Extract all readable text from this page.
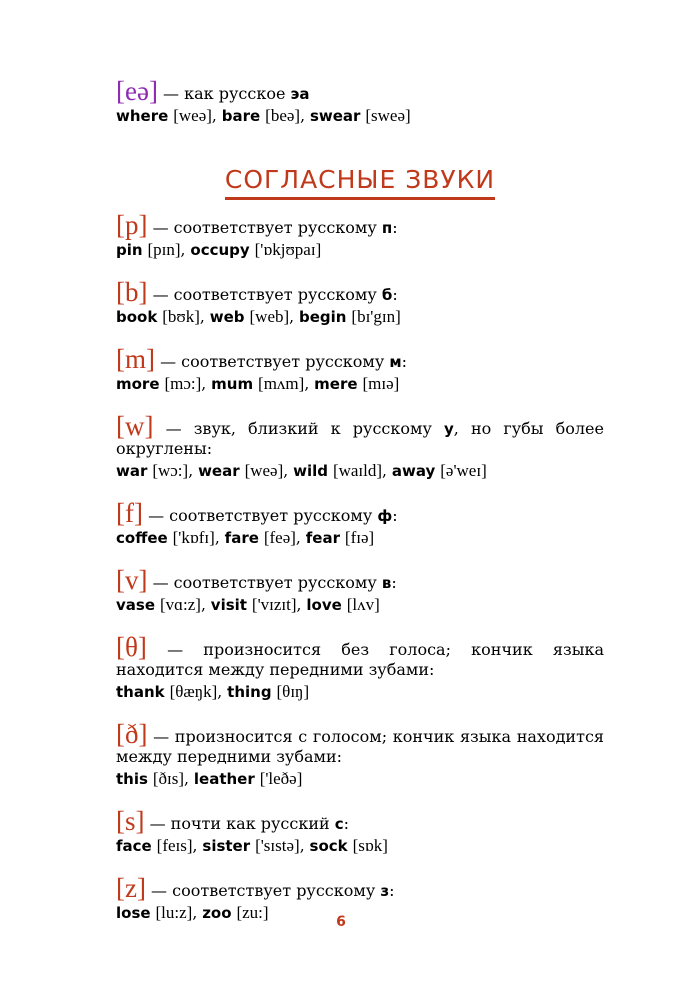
[eə] — как русское эа
where [weə], bare [beə], swear [sweə]
СОГЛАСНЫЕ ЗВУКИ
[p] — соответствует русскому п:
pin [pɪn], occupy ['ɒkjʊpaɪ]
[b] — соответствует русскому б:
book [bʊk], web [web], begin [bɪ'gɪn]
[m] — соответствует русскому м:
more [mɔ:], mum [mʌm], mere [mɪə]
[w] — звук, близкий к русскому у, но губы более округлены:
war [wɔ:], wear [weə], wild [waɪld], away [ə'weɪ]
[f] — соответствует русскому ф:
coffee ['kɒfɪ], fare [feə], fear [fɪə]
[v] — соответствует русскому в:
vase [vɑ:z], visit ['vɪzɪt], love [lʌv]
[θ] — произносится без голоса; кончик языка находится между передними зубами:
thank [θæŋk], thing [θɪŋ]
[ð] — произносится с голосом; кончик языка находится между передними зубами:
this [ðɪs], leather ['leðə]
[s] — почти как русский с:
face [feɪs], sister ['sɪstə], sock [sɒk]
[z] — соответствует русскому з:
lose [lu:z], zoo [zu:]	6
